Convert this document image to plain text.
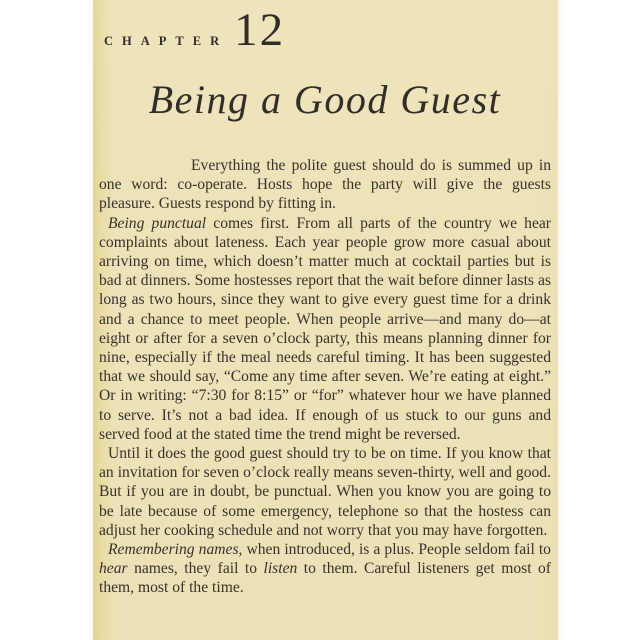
CHAPTER 12
Being a Good Guest

Everything the polite guest should do is summed up in one word: co-operate. Hosts hope the party will give the guests pleasure. Guests respond by fitting in.

Being punctual comes first. From all parts of the country we hear complaints about lateness. Each year people grow more casual about arriving on time, which doesn’t matter much at cocktail parties but is bad at dinners. Some hostesses report that the wait before dinner lasts as long as two hours, since they want to give every guest time for a drink and a chance to meet people. When people arrive—and many do—at eight or after for a seven o’clock party, this means planning dinner for nine, especially if the meal needs careful timing. It has been suggested that we should say, “Come any time after seven. We’re eating at eight.” Or in writing: “7:30 for 8:15” or “for” whatever hour we have planned to serve. It’s not a bad idea. If enough of us stuck to our guns and served food at the stated time the trend might be reversed.

Until it does the good guest should try to be on time. If you know that an invitation for seven o’clock really means seven-thirty, well and good. But if you are in doubt, be punctual. When you know you are going to be late because of some emergency, telephone so that the hostess can adjust her cooking schedule and not worry that you may have forgotten.

Remembering names, when introduced, is a plus. People seldom fail to hear names, they fail to listen to them. Careful listeners get most of them, most of the time.
